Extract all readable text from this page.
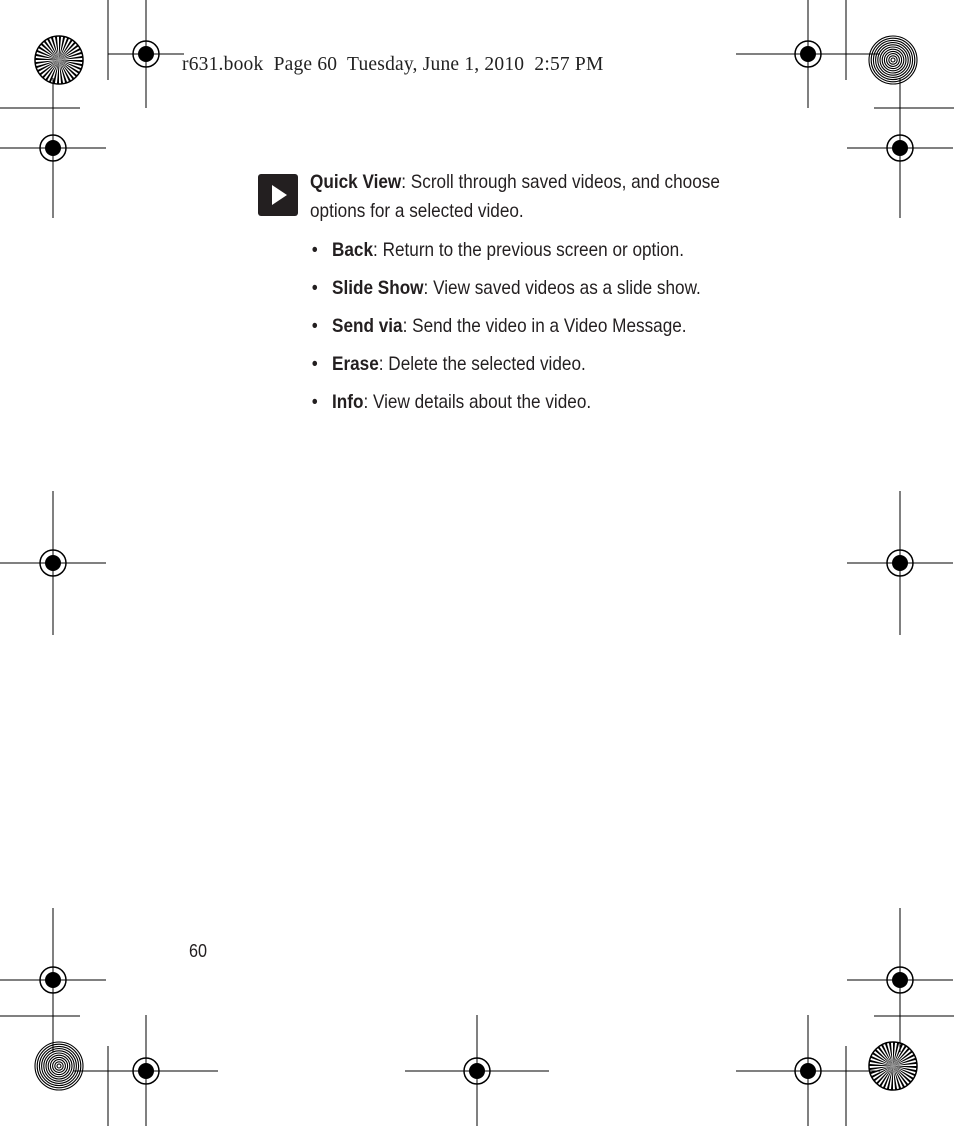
r631.book  Page 60  Tuesday, June 1, 2010  2:57 PM

Quick View: Scroll through saved videos, and choose options for a selected video.

• Back: Return to the previous screen or option.
• Slide Show: View saved videos as a slide show.
• Send via: Send the video in a Video Message.
• Erase: Delete the selected video.
• Info: View details about the video.
60
